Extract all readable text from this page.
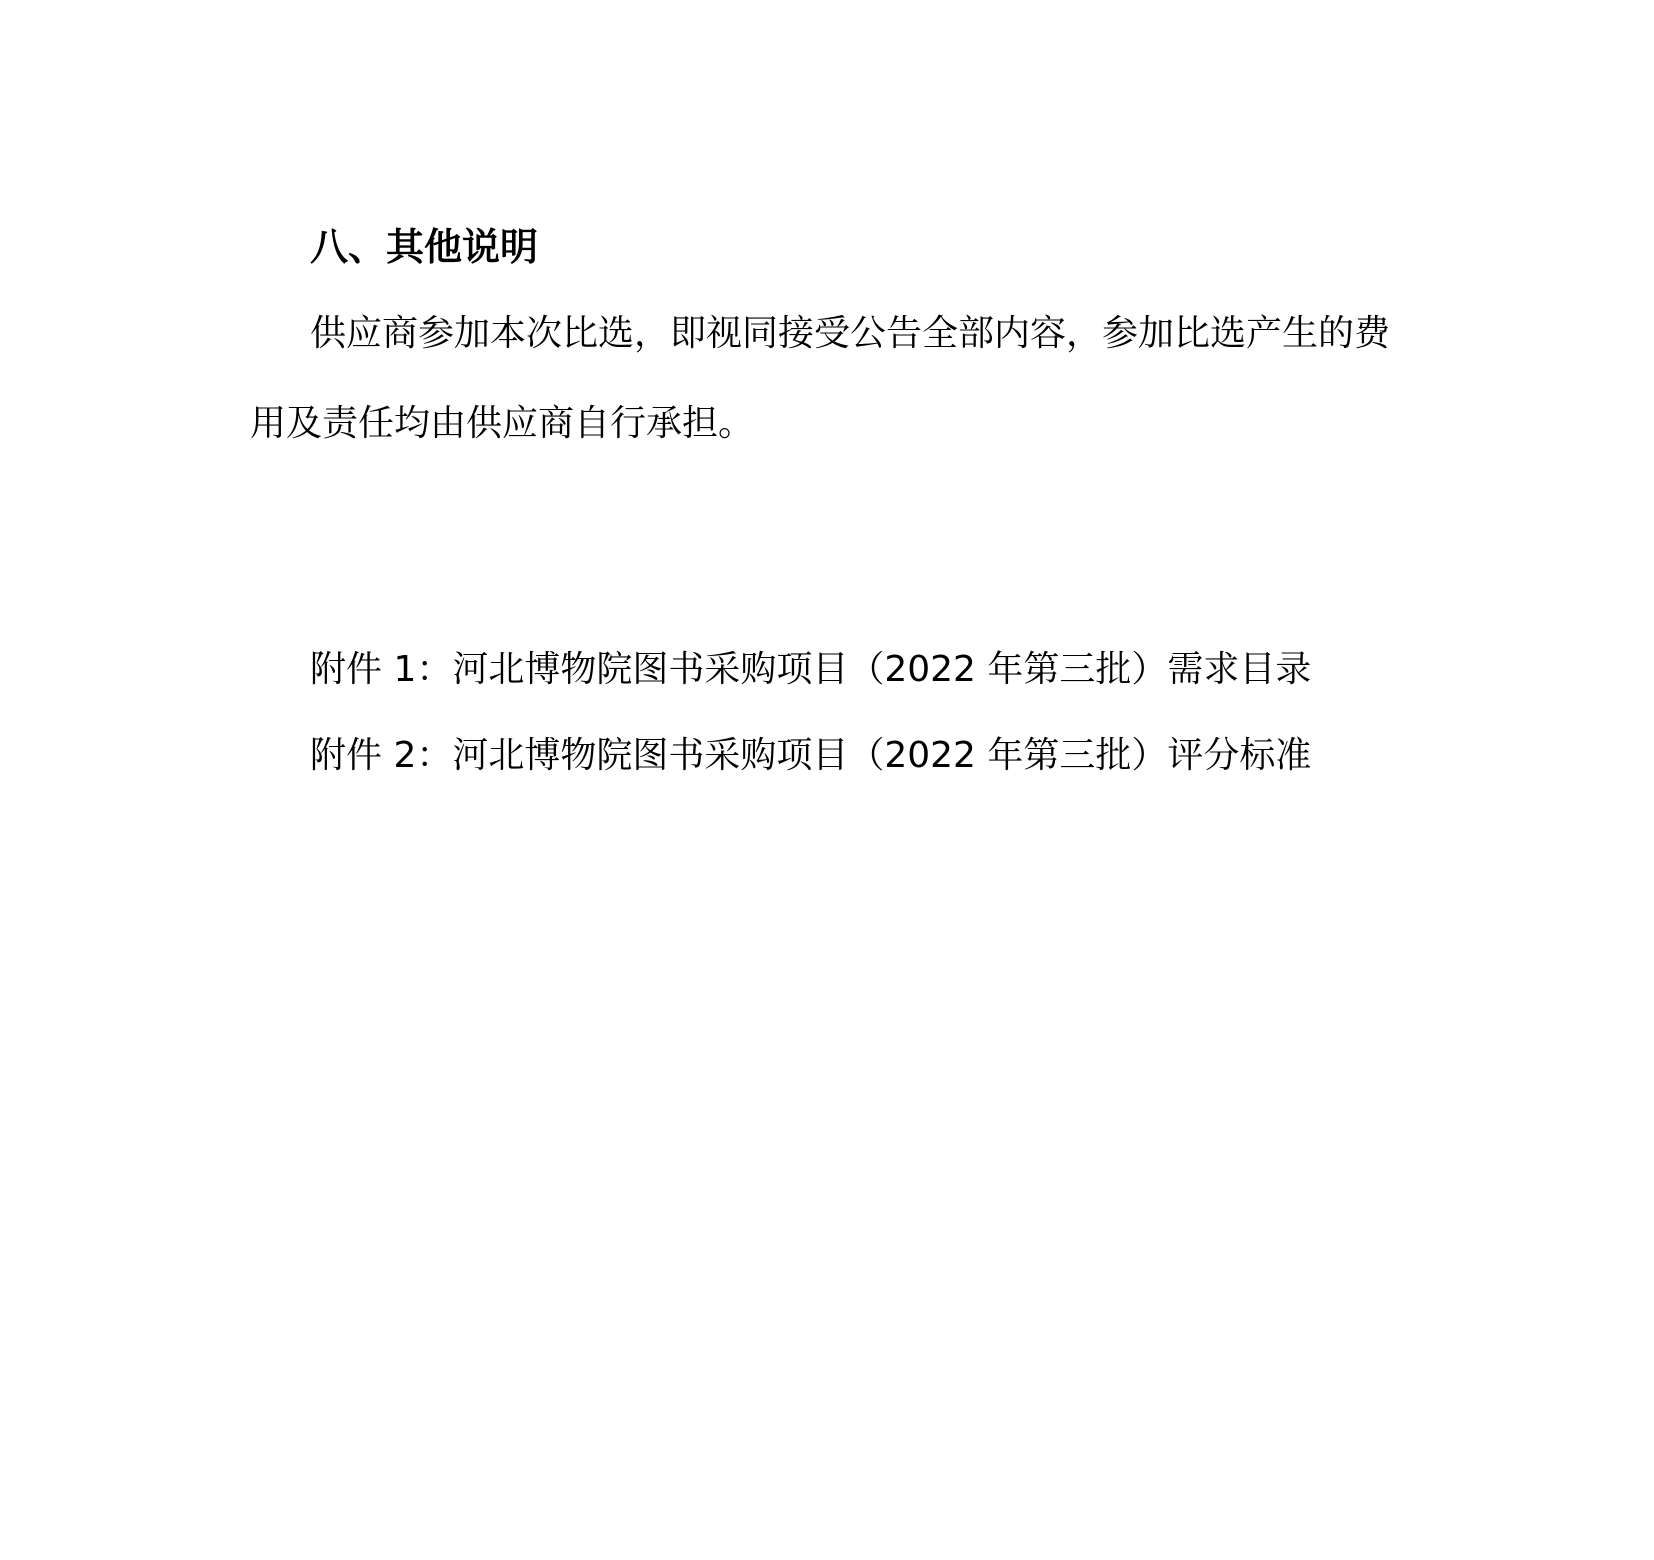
八、其他说明

供应商参加本次比选，即视同接受公告全部内容，参加比选产生的费用及责任均由供应商自行承担。

附件 1：河北博物院图书采购项目（2022 年第三批）需求目录

附件 2：河北博物院图书采购项目（2022 年第三批）评分标准
